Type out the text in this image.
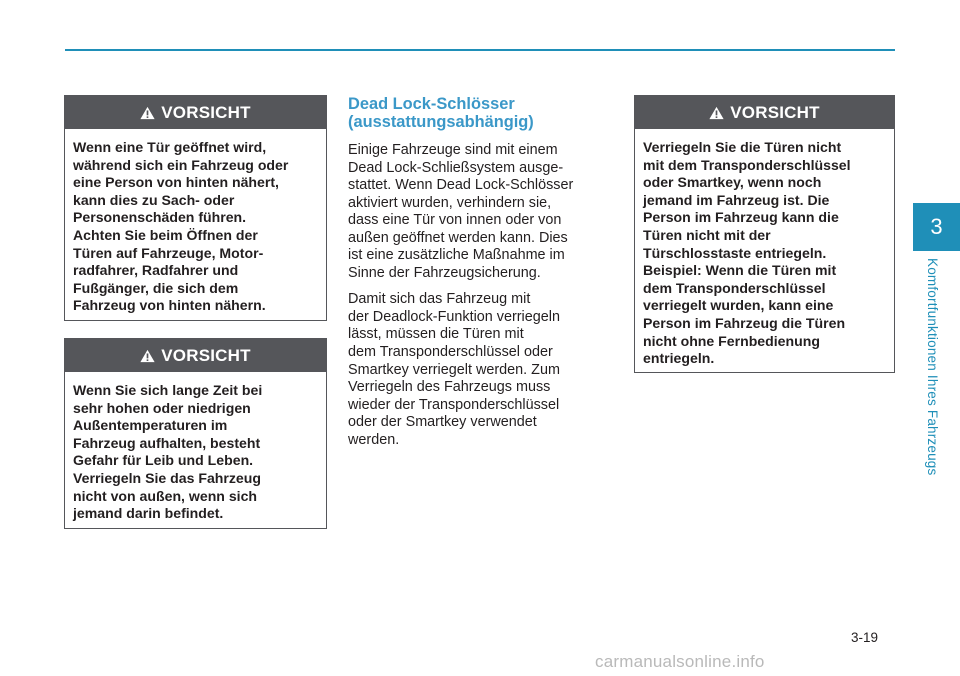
3
Komfortfunktionen Ihres Fahrzeugs
VORSICHT
Wenn eine Tür geöffnet wird,
während sich ein Fahrzeug oder
eine Person von hinten nähert,
kann dies zu Sach- oder
Personenschäden führen.
Achten Sie beim Öffnen der
Türen auf Fahrzeuge, Motor-
radfahrer, Radfahrer und
Fußgänger, die sich dem
Fahrzeug von hinten nähern.
VORSICHT
Wenn Sie sich lange Zeit bei
sehr hohen oder niedrigen
Außentemperaturen im
Fahrzeug aufhalten, besteht
Gefahr für Leib und Leben.
Verriegeln Sie das Fahrzeug
nicht von außen, wenn sich
jemand darin befindet.
VORSICHT
Verriegeln Sie die Türen nicht
mit dem Transponderschlüssel
oder Smartkey, wenn noch
jemand im Fahrzeug ist. Die
Person im Fahrzeug kann die
Türen nicht mit der
Türschlosstaste entriegeln.
Beispiel: Wenn die Türen mit
dem Transponderschlüssel
verriegelt wurden, kann eine
Person im Fahrzeug die Türen
nicht ohne Fernbedienung
entriegeln.
Dead Lock-Schlösser
(ausstattungsabhängig)
Einige Fahrzeuge sind mit einem
Dead Lock-Schließsystem ausge-
stattet. Wenn Dead Lock-Schlösser
aktiviert wurden, verhindern sie,
dass eine Tür von innen oder von
außen geöffnet werden kann. Dies
ist eine zusätzliche Maßnahme im
Sinne der Fahrzeugsicherung.
Damit sich das Fahrzeug mit
der Deadlock-Funktion verriegeln
lässt, müssen die Türen mit
dem Transponderschlüssel oder
Smartkey verriegelt werden. Zum
Verriegeln des Fahrzeugs muss
wieder der Transponderschlüssel
oder der Smartkey verwendet
werden.
3-19
carmanualsonline.info
